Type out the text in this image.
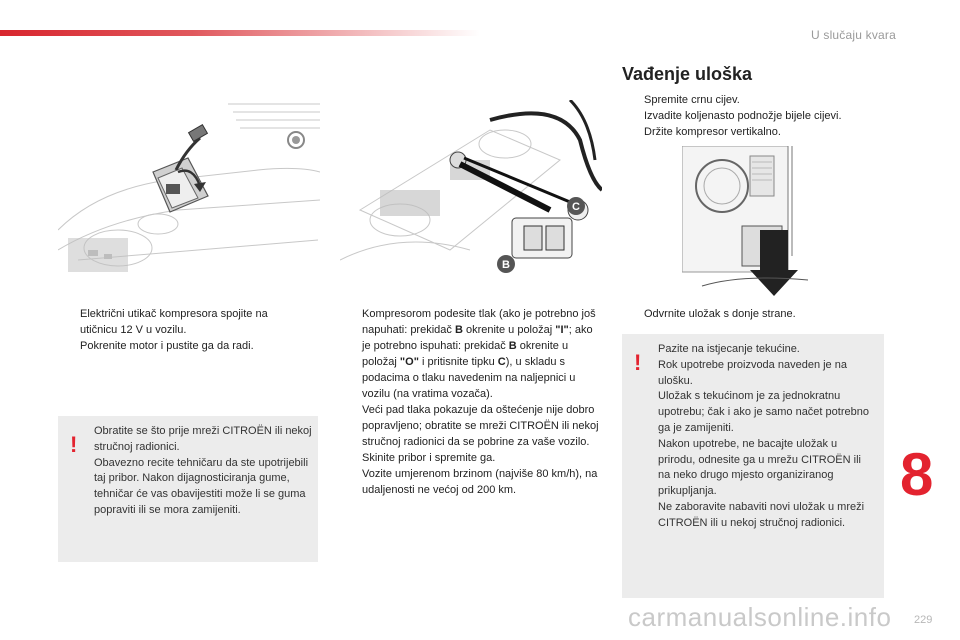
U slučaju kvara
C
B
Vađenje uloška
Spremite crnu cijev.
Izvadite koljenasto podnožje bijele cijevi.
Držite kompresor vertikalno.
Električni utikač kompresora spojite na utičnicu 12 V u vozilu.
Pokrenite motor i pustite ga da radi.
!
Obratite se što prije mreži CITROËN ili nekoj stručnoj radionici.
Obavezno recite tehničaru da ste upotrijebili taj pribor. Nakon dijagnosticiranja gume, tehničar će vas obavijestiti može li se guma popraviti ili se mora zamijeniti.
Kompresorom podesite tlak (ako je potrebno još napuhati: prekidač B okrenite u položaj "I"; ako je potrebno ispuhati: prekidač B okrenite u položaj "O" i pritisnite tipku C), u skladu s podacima o tlaku navedenim na naljepnici u vozilu (na vratima vozača).
Veći pad tlaka pokazuje da oštećenje nije dobro popravljeno; obratite se mreži CITROËN ili nekoj stručnoj radionici da se pobrine za vaše vozilo.
Skinite pribor i spremite ga.
Vozite umjerenom brzinom (najviše 80 km/h), na udaljenosti ne većoj od 200 km.
Odvrnite uložak s donje strane.
!
Pazite na istjecanje tekućine.
Rok upotrebe proizvoda naveden je na ulošku.
Uložak s tekućinom je za jednokratnu upotrebu; čak i ako je samo načet potrebno ga je zamijeniti.
Nakon upotrebe, ne bacajte uložak u prirodu, odnesite ga u mrežu CITROËN ili na neko drugo mjesto organiziranog prikupljanja.
Ne zaboravite nabaviti novi uložak u mreži CITROËN ili u nekoj stručnoj radionici.
8
carmanualsonline.info 229
